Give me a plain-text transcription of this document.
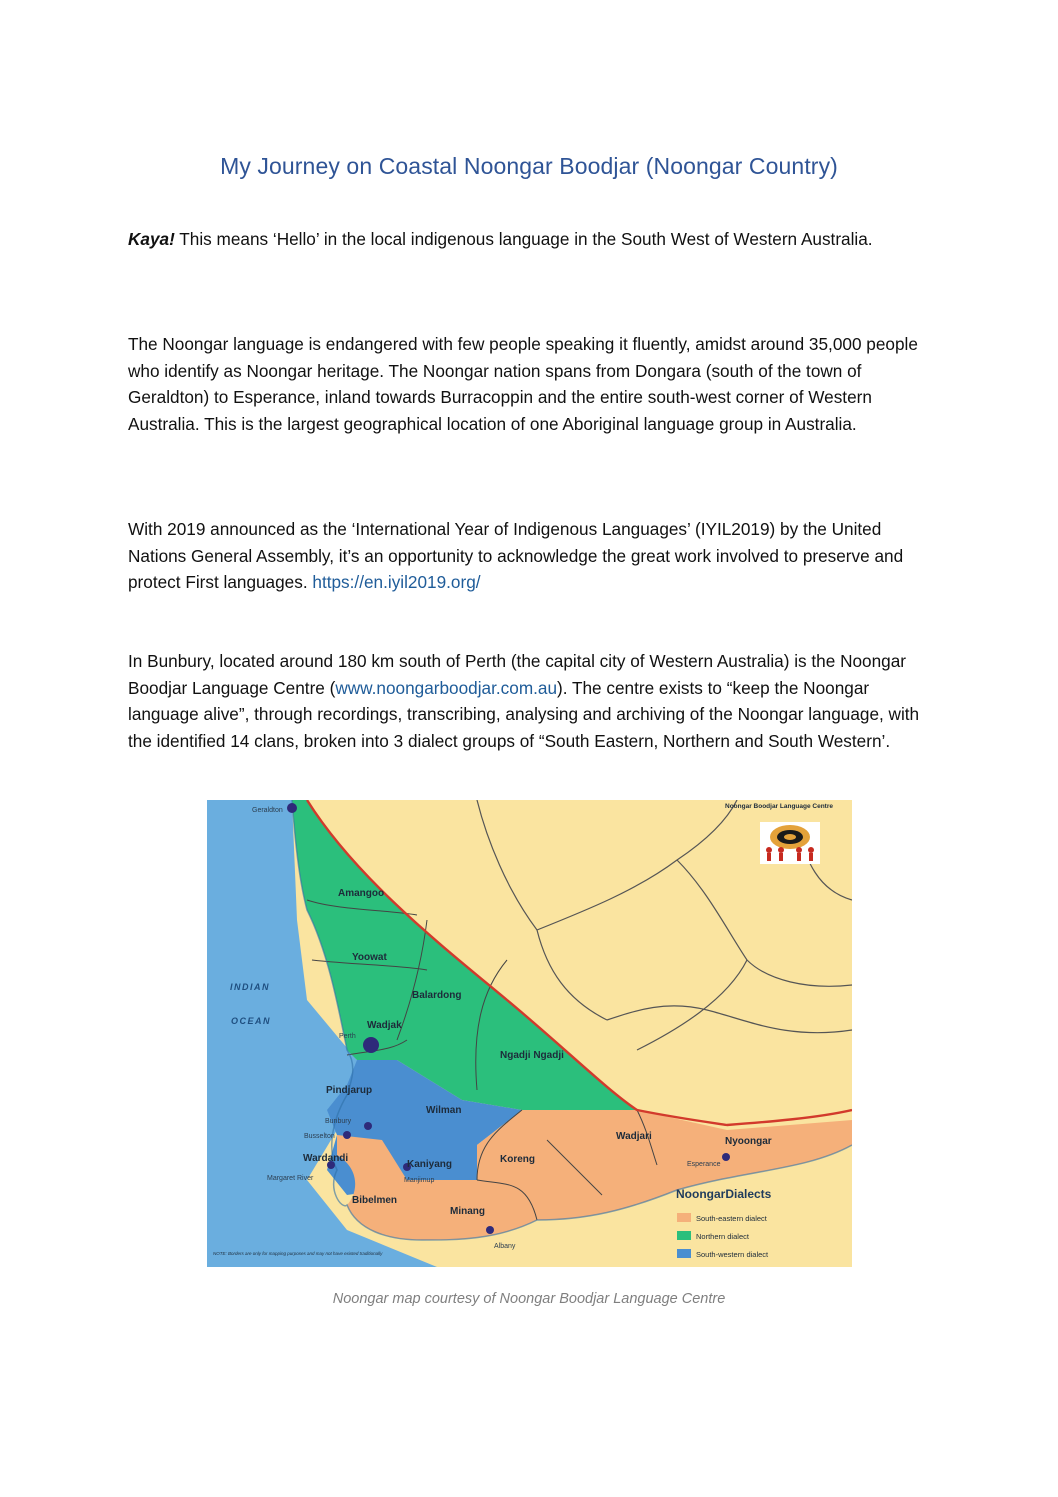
My Journey on Coastal Noongar Boodjar (Noongar Country)

Kaya! This means ‘Hello’ in the local indigenous language in the South West of Western Australia.

The Noongar language is endangered with few people speaking it fluently, amidst around 35,000 people who identify as Noongar heritage. The Noongar nation spans from Dongara (south of the town of Geraldton) to Esperance, inland towards Burracoppin and the entire south-west corner of Western Australia. This is the largest geographical location of one Aboriginal language group in Australia.

With 2019 announced as the ‘International Year of Indigenous Languages’ (IYIL2019) by the United Nations General Assembly, it’s an opportunity to acknowledge the great work involved to preserve and protect First languages. https://en.iyil2019.org/

In Bunbury, located around 180 km south of Perth (the capital city of Western Australia) is the Noongar Boodjar Language Centre (www.noongarboodjar.com.au). The centre exists to “keep the Noongar language alive”, through recordings, transcribing, analysing and archiving of the Noongar language, with the identified 14 clans, broken into 3 dialect groups of “South Eastern, Northern and South Western’.

Geraldton
Perth
Bunbury
Busselton
Margaret River	Manjimup
Albany
Esperance
INDIAN
OCEAN
Amangoo
Yoowat
Balardong
Wadjak
Ngadji Ngadji
Pindjarup
Wilman
Wardandi
Kaniyang	Koreng
Wadjari	Nyoongar
Bibelmen
Minang
Noongar Boodjar Language Centre
NoongarDialects
South-eastern dialect
Northern dialect
South-western dialect
NOTE: Borders are only for mapping purposes and may not have existed traditionally
Noongar map courtesy of Noongar Boodjar Language Centre
